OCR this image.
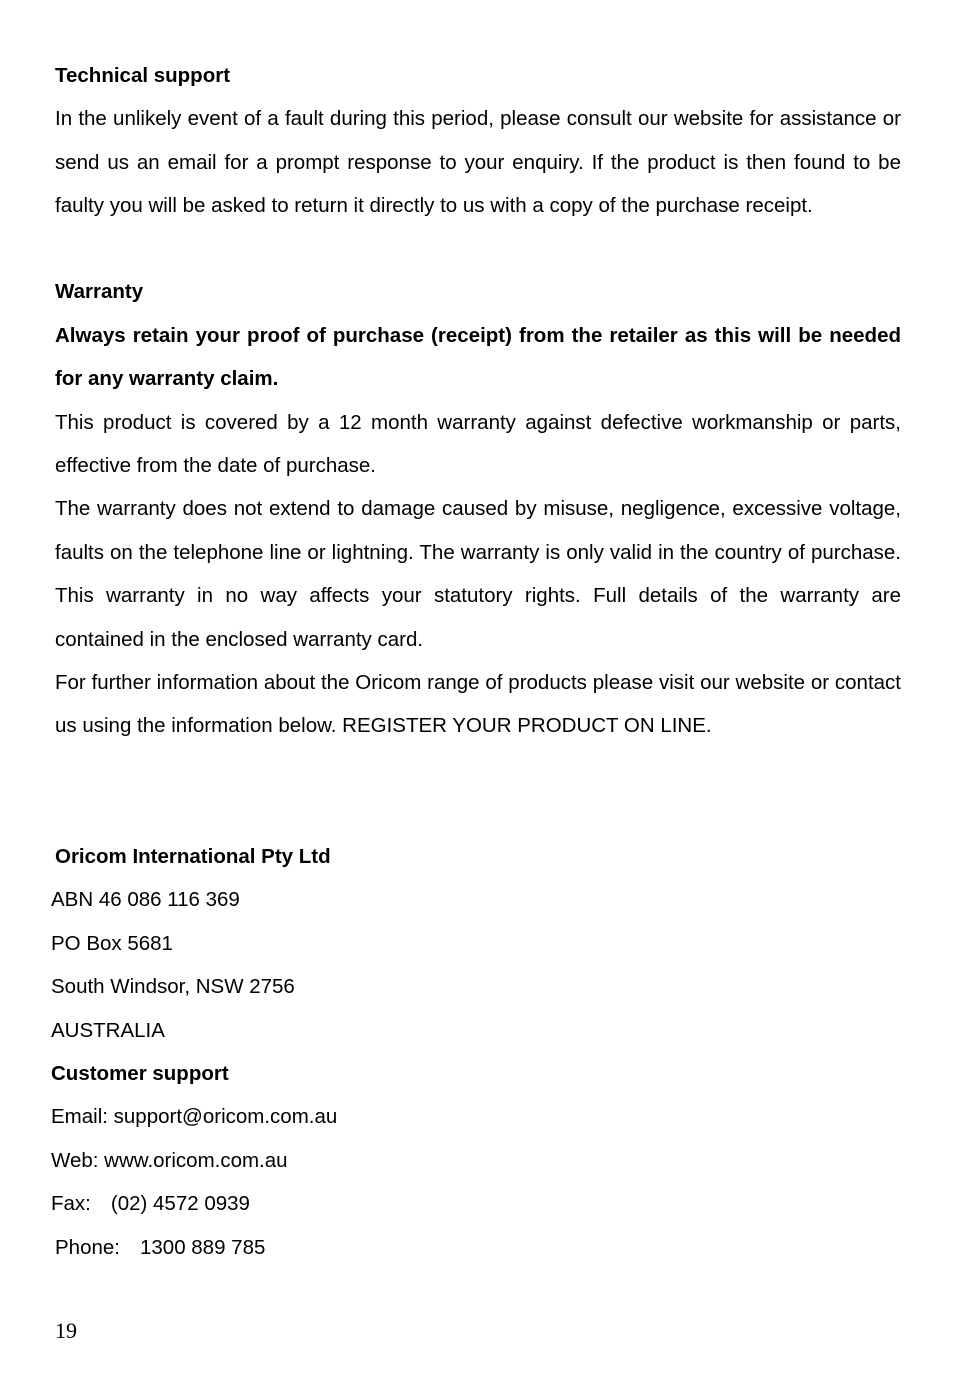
Technical support

In the unlikely event of a fault during this period, please consult our website for assistance or send us an email for a prompt response to your enquiry. If the product is then found to be faulty you will be asked to return it directly to us with a copy of the purchase receipt.

Warranty

Always retain your proof of purchase (receipt) from the retailer as this will be needed for any warranty claim.

This product is covered by a 12 month warranty against defective workmanship or parts, effective from the date of purchase.

The warranty does not extend to damage caused by misuse, negligence, excessive voltage, faults on the telephone line or lightning. The warranty is only valid in the country of purchase. This warranty in no way affects your statutory rights. Full details of the warranty are contained in the enclosed warranty card.

For further information about the Oricom range of products please visit our website or contact us using the information below. REGISTER YOUR PRODUCT ON LINE.

Oricom International Pty Ltd
ABN 46 086 116 369
PO Box 5681
South Windsor, NSW 2756
AUSTRALIA
Customer support
Email: support@oricom.com.au
Web: www.oricom.com.au
Fax: (02) 4572 0939
Phone: 1300 889 785
19
